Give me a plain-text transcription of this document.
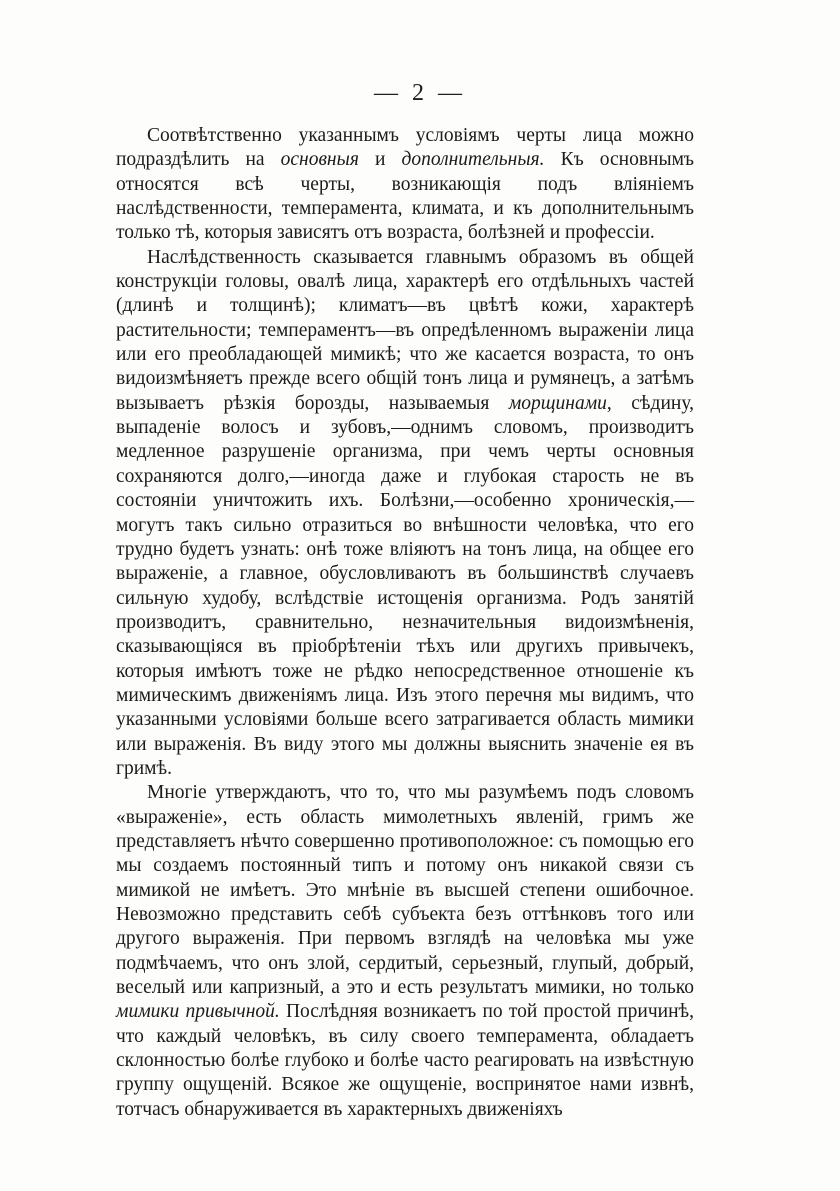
— 2 —

Соотвѣтственно указаннымъ условіямъ черты лица можно подраздѣлить на основныя и дополнительныя. Къ основнымъ относятся всѣ черты, возникающія подъ вліяніемъ наслѣдственности, темперамента, климата, и къ дополнительнымъ только тѣ, которыя зависятъ отъ возраста, болѣзней и профессіи.

Наслѣдственность сказывается главнымъ образомъ въ общей конструкціи головы, овалѣ лица, характерѣ его отдѣльныхъ частей (длинѣ и толщинѣ); климатъ—въ цвѣтѣ кожи, характерѣ растительности; темпераментъ—въ опредѣленномъ выраженіи лица или его преобладающей мимикѣ; что же касается возраста, то онъ видоизмѣняетъ прежде всего общій тонъ лица и румянецъ, а затѣмъ вызываетъ рѣзкія борозды, называемыя морщинами, сѣдину, выпаденіе волосъ и зубовъ,—однимъ словомъ, производитъ медленное разрушеніе организма, при чемъ черты основныя сохраняются долго,—иногда даже и глубокая старость не въ состояніи уничтожить ихъ. Болѣзни,—особенно хроническія,—могутъ такъ сильно отразиться во внѣшности человѣка, что его трудно будетъ узнать: онѣ тоже вліяютъ на тонъ лица, на общее его выраженіе, а главное, обусловливаютъ въ большинствѣ случаевъ сильную худобу, вслѣдствіе истощенія организма. Родъ занятій производитъ, сравнительно, незначительныя видоизмѣненія, сказывающіяся въ пріобрѣтеніи тѣхъ или другихъ привычекъ, которыя имѣютъ тоже не рѣдко непосредственное отношеніе къ мимическимъ движеніямъ лица. Изъ этого перечня мы видимъ, что указанными условіями больше всего затрагивается область мимики или выраженія. Въ виду этого мы должны выяснить значеніе ея въ гримѣ.

Многіе утверждаютъ, что то, что мы разумѣемъ подъ словомъ «выраженіе», есть область мимолетныхъ явленій, гримъ же представляетъ нѣчто совершенно противоположное: съ помощью его мы создаемъ постоянный типъ и потому онъ никакой связи съ мимикой не имѣетъ. Это мнѣніе въ высшей степени ошибочное. Невозможно представить себѣ субъекта безъ оттѣнковъ того или другого выраженія. При первомъ взглядѣ на человѣка мы уже подмѣчаемъ, что онъ злой, сердитый, серьезный, глупый, добрый, веселый или капризный, а это и есть результатъ мимики, но только мимики привычной. Послѣдняя возникаетъ по той простой причинѣ, что каждый человѣкъ, въ силу своего темперамента, обладаетъ склонностью болѣе глубоко и болѣе часто реагировать на извѣстную группу ощущеній. Всякое же ощущеніе, воспринятое нами извнѣ, тотчасъ обнаруживается въ характерныхъ движеніяхъ
